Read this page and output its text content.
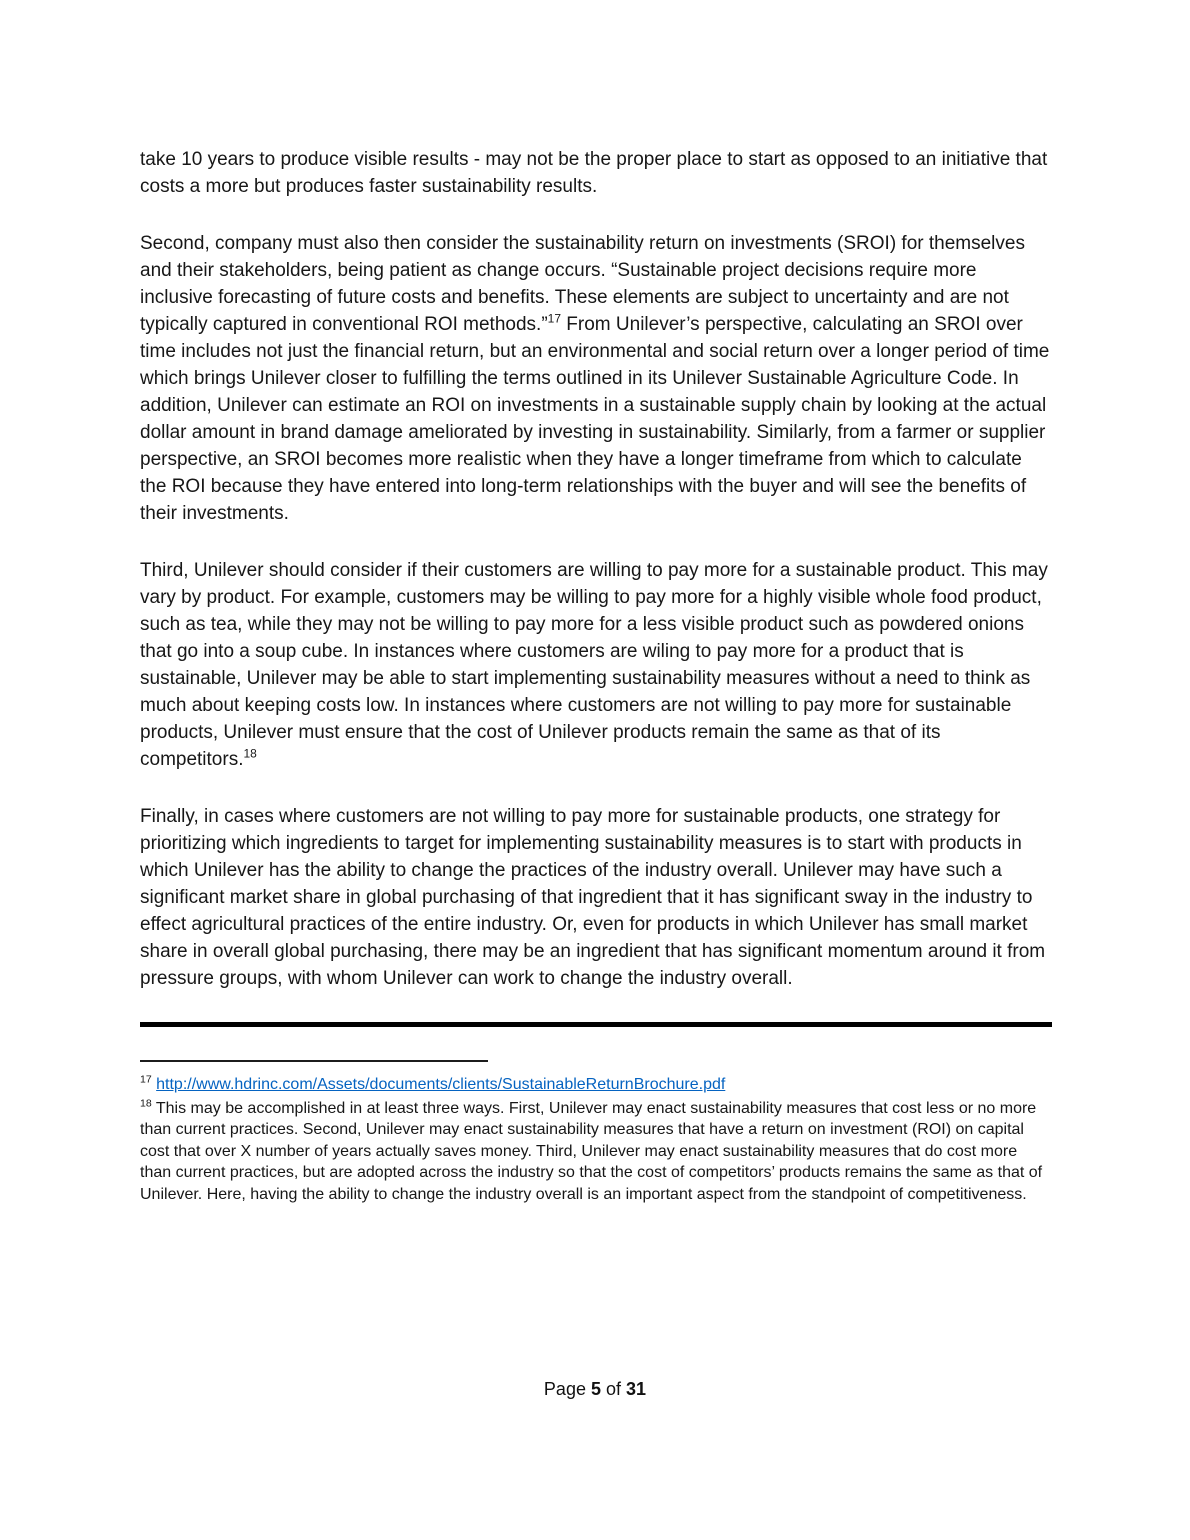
take 10 years to produce visible results - may not be the proper place to start as opposed to an initiative that costs a more but produces faster sustainability results.

Second, company must also then consider the sustainability return on investments (SROI) for themselves and their stakeholders, being patient as change occurs. “Sustainable project decisions require more inclusive forecasting of future costs and benefits. These elements are subject to uncertainty and are not typically captured in conventional ROI methods.”$^{17}$ From Unilever’s perspective, calculating an SROI over time includes not just the financial return, but an environmental and social return over a longer period of time which brings Unilever closer to fulfilling the terms outlined in its Unilever Sustainable Agriculture Code. In addition, Unilever can estimate an ROI on investments in a sustainable supply chain by looking at the actual dollar amount in brand damage ameliorated by investing in sustainability. Similarly, from a farmer or supplier perspective, an SROI becomes more realistic when they have a longer timeframe from which to calculate the ROI because they have entered into long-term relationships with the buyer and will see the benefits of their investments.

Third, Unilever should consider if their customers are willing to pay more for a sustainable product. This may vary by product. For example, customers may be willing to pay more for a highly visible whole food product, such as tea, while they may not be willing to pay more for a less visible product such as powdered onions that go into a soup cube. In instances where customers are wiling to pay more for a product that is sustainable, Unilever may be able to start implementing sustainability measures without a need to think as much about keeping costs low. In instances where customers are not willing to pay more for sustainable products, Unilever must ensure that the cost of Unilever products remain the same as that of its competitors.$^{18}$

Finally, in cases where customers are not willing to pay more for sustainable products, one strategy for prioritizing which ingredients to target for implementing sustainability measures is to start with products in which Unilever has the ability to change the practices of the industry overall. Unilever may have such a significant market share in global purchasing of that ingredient that it has significant sway in the industry to effect agricultural practices of the entire industry. Or, even for products in which Unilever has small market share in overall global purchasing, there may be an ingredient that has significant momentum around it from pressure groups, with whom Unilever can work to change the industry overall.

$^{17}$ http://www.hdrinc.com/Assets/documents/clients/SustainableReturnBrochure.pdf
$^{18}$ This may be accomplished in at least three ways. First, Unilever may enact sustainability measures that cost less or no more than current practices. Second, Unilever may enact sustainability measures that have a return on investment (ROI) on capital cost that over X number of years actually saves money. Third, Unilever may enact sustainability measures that do cost more than current practices, but are adopted across the industry so that the cost of competitors’ products remains the same as that of Unilever. Here, having the ability to change the industry overall is an important aspect from the standpoint of competitiveness.
Page 5 of 31
